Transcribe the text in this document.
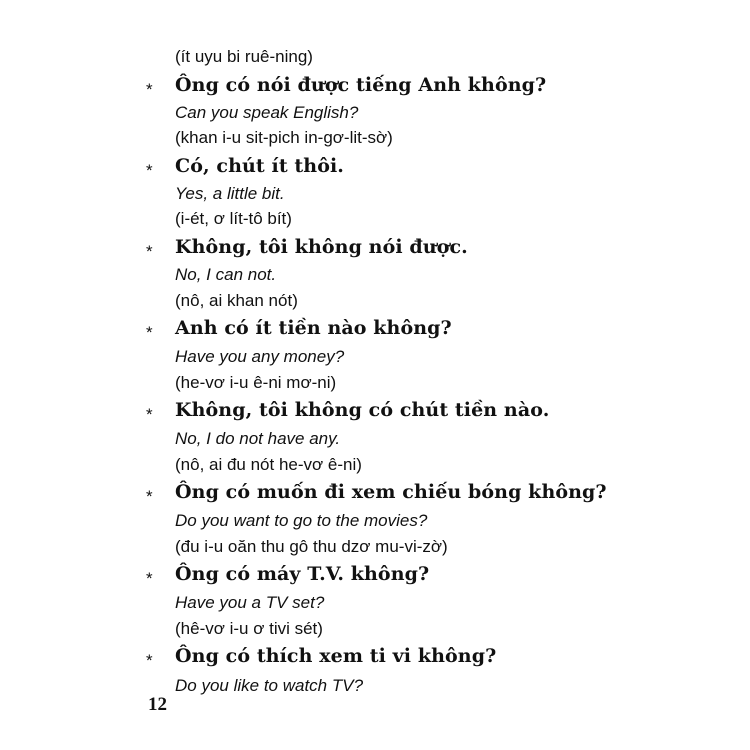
(ít uyu bi ruê-ning)
* Ông có nói được tiếng Anh không?
Can you speak English?
(khan i-u sit-pich in-gơ-lit-sờ)
* Có, chút ít thôi.
Yes, a little bit.
(i-ét, ơ lít-tô bít)
* Không, tôi không nói được.
No, I can not.
(nô, ai khan nót)
* Anh có ít tiền nào không?
Have you any money?
(he-vơ i-u ê-ni mơ-ni)
* Không, tôi không có chút tiền nào.
No, I do not have any.
(nô, ai đu nót he-vơ ê-ni)
* Ông có muốn đi xem chiếu bóng không?
Do you want to go to the movies?
(đu i-u oăn thu gô thu dzơ mu-vi-zờ)
* Ông có máy T.V. không?
Have you a TV set?
(hê-vơ i-u ơ tivi sét)
* Ông có thích xem ti vi không?
Do you like to watch TV?
12
